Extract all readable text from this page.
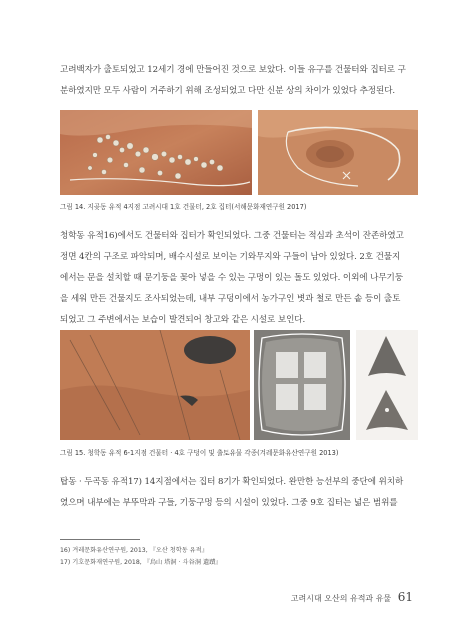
고려백자가 출토되었고 12세기 경에 만들어진 것으로 보았다. 이들 유구를 건물터와 집터로 구
분하였지만 모두 사람이 거주하기 위해 조성되었고 다만 신분 상의 차이가 있었다 추정된다.
그림 14. 지곶동 유적 4지점 고려시대 1호 건물터, 2호 집터(서해문화재연구원 2017)
청학동 유적16)에서도 건물터와 집터가 확인되었다. 그중 건물터는 적심과 초석이 잔존하였고
정면 4칸의 구조로 파악되며, 배수시설로 보이는 기와무지와 구들이 남아 있었다. 2호 건물지
에서는 문을 설치할 때 문기둥을 꽂아 넣을 수 있는 구멍이 있는 돌도 있었다. 이외에 나무기둥
을 세워 만든 건물지도 조사되었는데, 내부 구덩이에서 농가구인 볏과 철로 만든 솥 등이 출토
되었고 그 주변에서는 보습이 발견되어 창고와 같은 시설로 보인다.
그림 15. 청학동 유적 6-1지점 건물터 · 4호 구덩이 및 출토유물 각종(겨레문화유산연구원 2013)
탑동 · 두곡동 유적17) 14지점에서는 집터 8기가 확인되었다. 완만한 능선부의 중단에 위치하
였으며 내부에는 부뚜막과 구들, 기둥구멍 등의 시설이 있었다. 그중 9호 집터는 넓은 범위를
16) 겨레문화유산연구원, 2013, 『오산 청학동 유적』
17) 기호문화재연구원, 2018, 『烏山 塔洞 · 斗谷洞 遺蹟』
고려시대 오산의 유적과 유물 61
